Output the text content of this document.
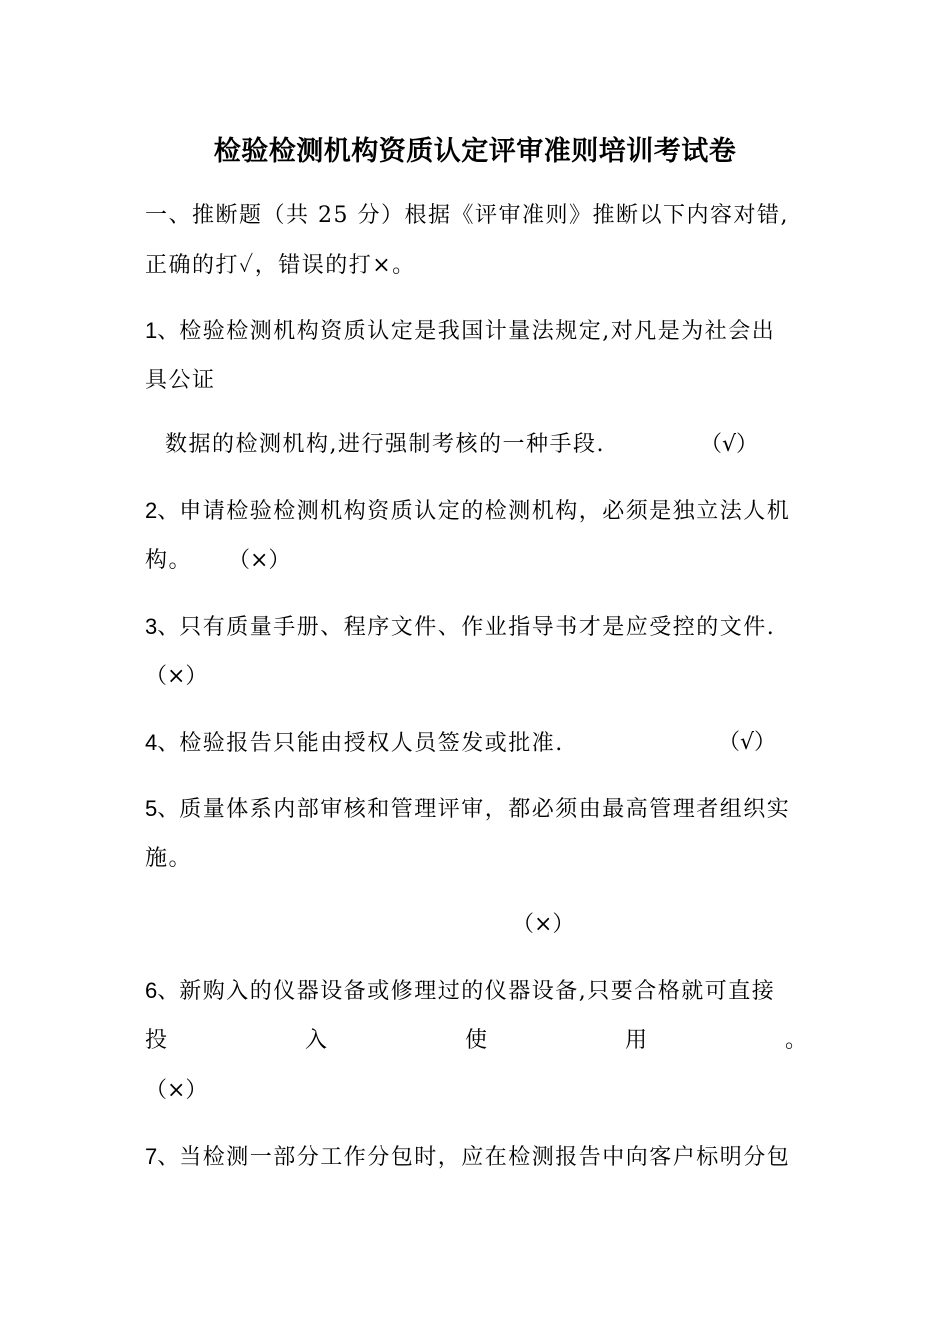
检验检测机构资质认定评审准则培训考试卷
一、推断题（共 25 分）根据《评审准则》推断以下内容对错,
正确的打✓，错误的打×。
1、检验检测机构资质认定是我国计量法规定,对凡是为社会出
具公证
数据的检测机构,进行强制考核的一种手段.	（√）
2、申请检验检测机构资质认定的检测机构，必须是独立法人机
构。	（×）
3、只有质量手册、程序文件、作业指导书才是应受控的文件.
（×）
4、检验报告只能由授权人员签发或批准.	（√）
5、质量体系内部审核和管理评审，都必须由最高管理者组织实
施。
（×）
6、新购入的仪器设备或修理过的仪器设备,只要合格就可直接
投	入	使	用	。
（×）
7、当检测一部分工作分包时，应在检测报告中向客户标明分包
